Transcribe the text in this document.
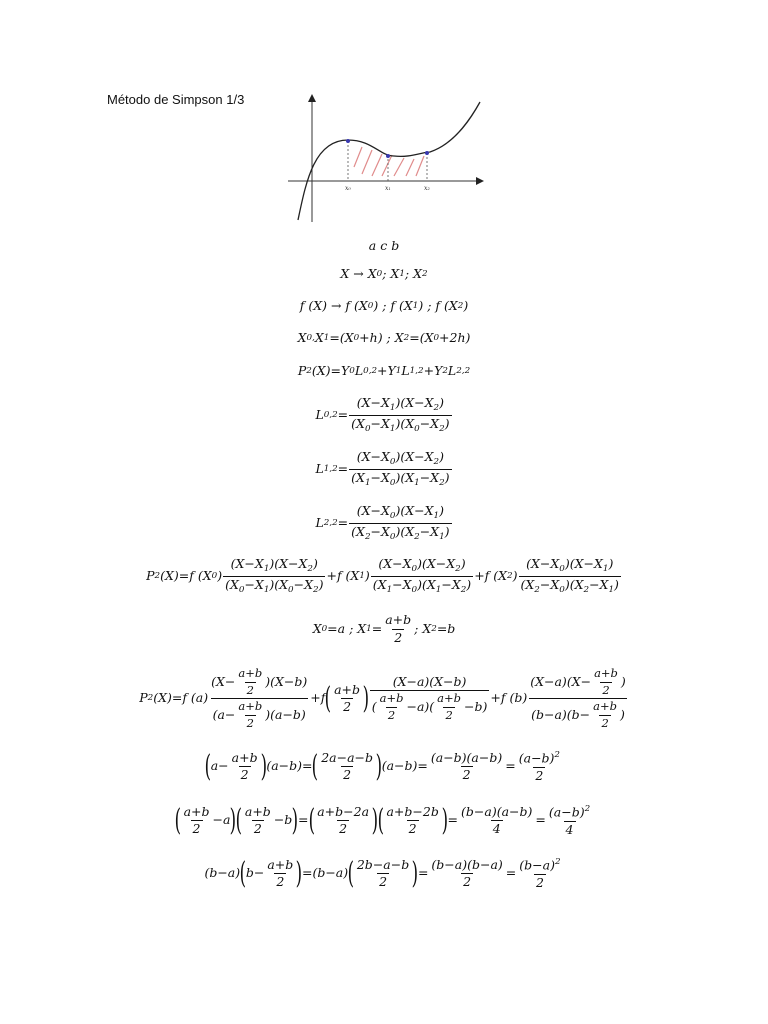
Método de Simpson 1/3
x₀	x₁	x₂
a c b
X → X 0 ; X 1 ; X 2
f (X) → f (X 0 ) ; f (X 1 ) ; f (X 2 )
X 0, X 1 =(X 0 +h) ; X 2 =(X 0 +2h)
P 2 (X)=Y 0 L 0,2 +Y 1 L 1,2 +Y 2 L 2,2
L $0,2 = \frac{(X-X_1)(X-X_2)}{(X_0-X_1)(X_0-X_2)}$
L $1,2 = \frac{(X-X_0)(X-X_2)}{(X_1-X_0)(X_1-X_2)}$
L $2,2 = \frac{(X-X_0)(X-X_1)}{(X_2-X_0)(X_2-X_1)}$
P 2 (X)=f (X 0 ) $\frac{(X-X_1)(X-X_2)}{(X_0-X_1)(X_0-X_2)} +f$ (X 1 ) $\frac{(X-X_0)(X-X_2)}{(X_1-X_0)(X_1-X_2)} +f$ (X 2 ) $\frac{(X-X_0)(X-X_1)}{(X_2-X_0)(X_2-X_1)}$
X 0 =a ; X $1 = \frac{a+b}{2}$ ; X 2 =b
P 2 (X)=f $(a) \frac{(X- \frac{a+b}{2} )(X-b)}{(a- \frac{a+b}{2} )(a-b)} +f$ ( $\frac{a+b}{2}$ ) $\frac{(X-a)(X-b)}{( \frac{a+b}{2} -a)( \frac{a+b}{2} -b)} +f$ $(b) \frac{(X-a)(X- \frac{a+b}{2} )}{(b-a)(b- \frac{a+b}{2} )}$
( $a- \frac{a+b}{2}$ ) (a−b)= ( $\frac{2a-a-b}{2}$ ) $(a-b)= \frac{(a-b)(a-b)}{2} = \frac{(a-b)^2}{2}$
( $\frac{a+b}{2} -a$ ) ( $\frac{a+b}{2} -b$ ) = ( $\frac{a+b-2a}{2}$ ) ( $\frac{a+b-2b}{2}$ ) = $\frac{(b-a)(a-b)}{4} = \frac{(a-b)^2}{4}$
(b−a) ( $b- \frac{a+b}{2}$ ) =(b−a) ( $\frac{2b-a-b}{2}$ ) = $\frac{(b-a)(b-a)}{2} = \frac{(b-a)^2}{2}$
